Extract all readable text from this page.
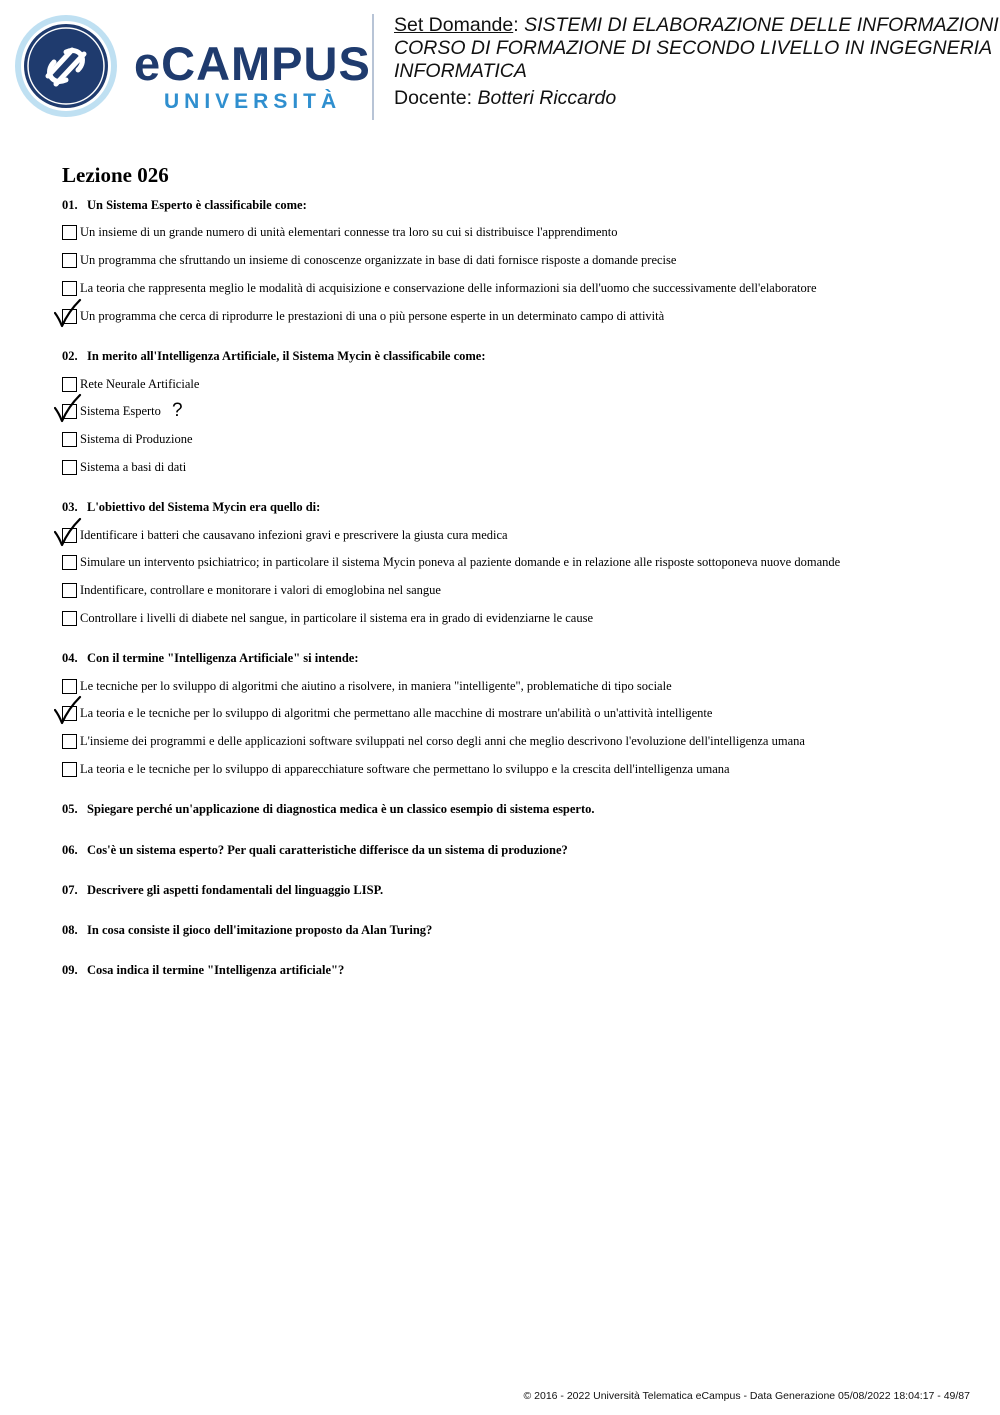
eCAMPUS
UNIVERSITÀ
Set Domande: SISTEMI DI ELABORAZIONE DELLE INFORMAZIONI
CORSO DI FORMAZIONE DI SECONDO LIVELLO IN INGEGNERIA INFORMATICA
Docente: Botteri Riccardo
Lezione 026
01. Un Sistema Esperto è classificabile come:
Un insieme di un grande numero di unità elementari connesse tra loro su cui si distribuisce l'apprendimento
Un programma che sfruttando un insieme di conoscenze organizzate in base di dati fornisce risposte a domande precise
La teoria che rappresenta meglio le modalità di acquisizione e conservazione delle informazioni sia dell'uomo che successivamente dell'elaboratore
Un programma che cerca di riprodurre le prestazioni di una o più persone esperte in un determinato campo di attività
02. In merito all'Intelligenza Artificiale, il Sistema Mycin è classificabile come:
Rete Neurale Artificiale
Sistema Esperto
Sistema di Produzione
Sistema a basi di dati
?
03. L'obiettivo del Sistema Mycin era quello di:
Identificare i batteri che causavano infezioni gravi e prescrivere la giusta cura medica
Simulare un intervento psichiatrico; in particolare il sistema Mycin poneva al paziente domande e in relazione alle risposte sottoponeva nuove domande
Indentificare, controllare e monitorare i valori di emoglobina nel sangue
Controllare i livelli di diabete nel sangue, in particolare il sistema era in grado di evidenziarne le cause
04. Con il termine "Intelligenza Artificiale" si intende:
Le tecniche per lo sviluppo di algoritmi che aiutino a risolvere, in maniera "intelligente", problematiche di tipo sociale
La teoria e le tecniche per lo sviluppo di algoritmi che permettano alle macchine di mostrare un'abilità o un'attività intelligente
L'insieme dei programmi e delle applicazioni software sviluppati nel corso degli anni che meglio descrivono l'evoluzione dell'intelligenza umana
La teoria e le tecniche per lo sviluppo di apparecchiature software che permettano lo sviluppo e la crescita dell'intelligenza umana
05. Spiegare perché un'applicazione di diagnostica medica è un classico esempio di sistema esperto.
06. Cos'è un sistema esperto? Per quali caratteristiche differisce da un sistema di produzione?
07. Descrivere gli aspetti fondamentali del linguaggio LISP.
08. In cosa consiste il gioco dell'imitazione proposto da Alan Turing?
09. Cosa indica il termine "Intelligenza artificiale"?
© 2016 - 2022 Università Telematica eCampus - Data Generazione 05/08/2022 18:04:17 - 49/87
